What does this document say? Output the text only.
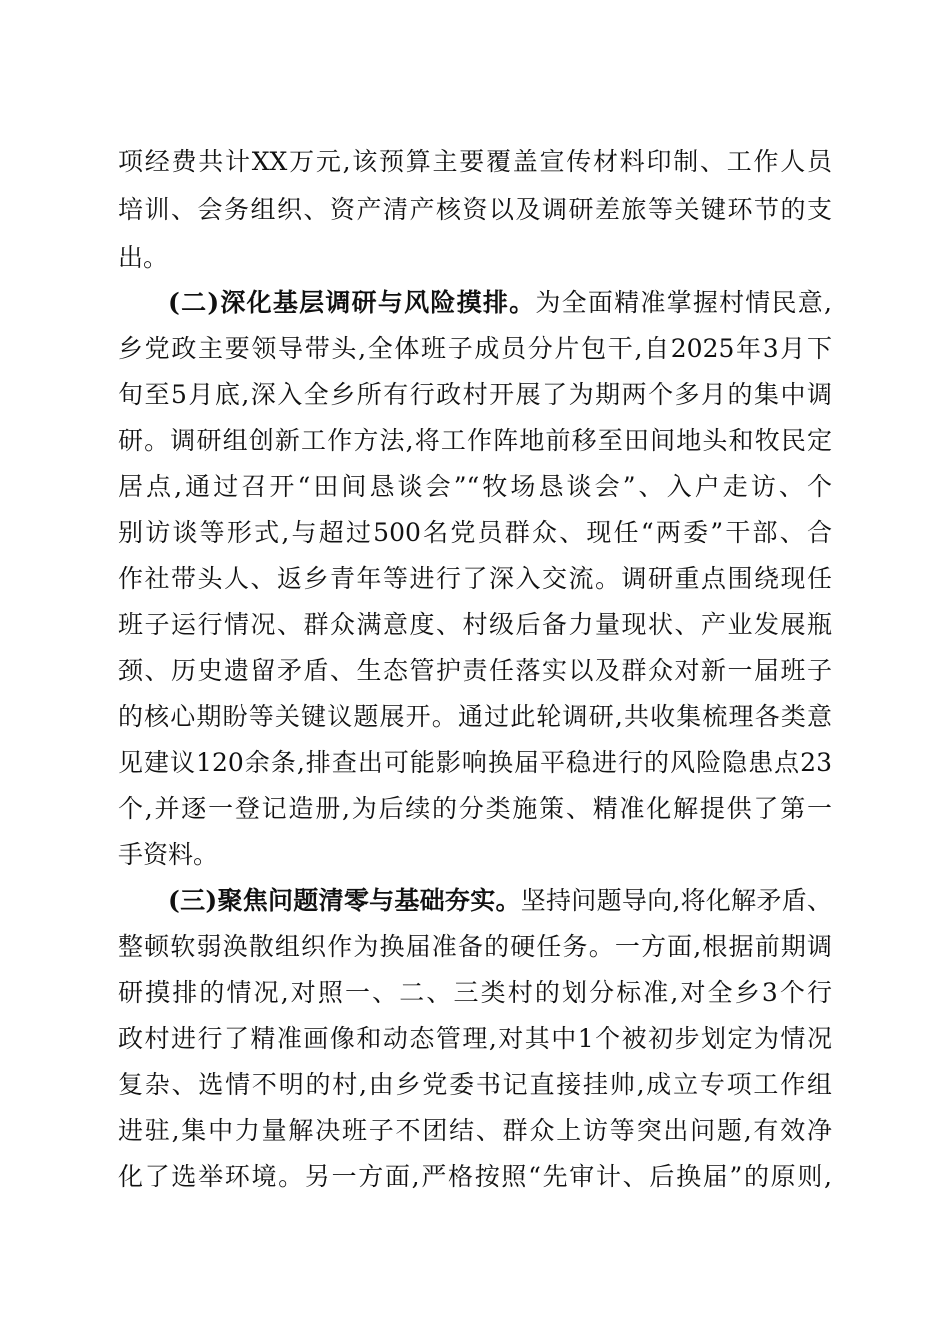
项经费共计XX万元,该预算主要覆盖宣传材料印制、工作人员
培训、会务组织、资产清产核资以及调研差旅等关键环节的支
出。
(二)深化基层调研与风险摸排。为全面精准掌握村情民意,
乡党政主要领导带头,全体班子成员分片包干,自2025年3月下
旬至5月底,深入全乡所有行政村开展了为期两个多月的集中调
研。调研组创新工作方法,将工作阵地前移至田间地头和牧民定
居点,通过召开“田间恳谈会”“牧场恳谈会”、入户走访、个
别访谈等形式,与超过500名党员群众、现任“两委”干部、合
作社带头人、返乡青年等进行了深入交流。调研重点围绕现任
班子运行情况、群众满意度、村级后备力量现状、产业发展瓶
颈、历史遗留矛盾、生态管护责任落实以及群众对新一届班子
的核心期盼等关键议题展开。通过此轮调研,共收集梳理各类意
见建议120余条,排查出可能影响换届平稳进行的风险隐患点23
个,并逐一登记造册,为后续的分类施策、精准化解提供了第一
手资料。
(三)聚焦问题清零与基础夯实。坚持问题导向,将化解矛盾、
整顿软弱涣散组织作为换届准备的硬任务。一方面,根据前期调
研摸排的情况,对照一、二、三类村的划分标准,对全乡3个行
政村进行了精准画像和动态管理,对其中1个被初步划定为情况
复杂、选情不明的村,由乡党委书记直接挂帅,成立专项工作组
进驻,集中力量解决班子不团结、群众上访等突出问题,有效净
化了选举环境。另一方面,严格按照“先审计、后换届”的原则,
